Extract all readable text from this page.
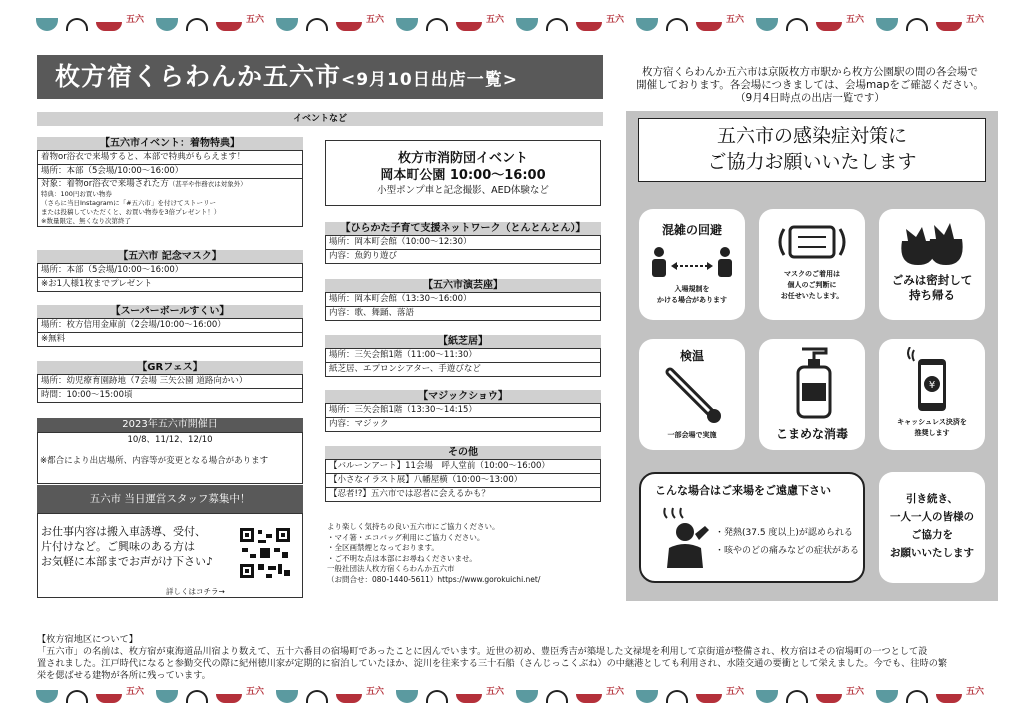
五六	五六	五六	五六	五六	五六	五六	五六
五六	五六	五六	五六	五六	五六	五六	五六
枚方宿くらわんか五六市<9月10日出店一覧>	枚方宿くらわんか五六市は京阪枚方市駅から枚方公園駅の間の各会場で
開催しております。各会場につきましては、会場mapをご確認ください。
（9月4日時点の出店一覧です）
イベントなど
【五六市イベント：着物特典】
着物or浴衣で来場すると、本部で特典がもらえます！
場所：本部（5会場/10:00～16:00）
対象：着物or浴衣で来場された方（甚平や作務衣は対象外）
特典：100円お買い物券
（さらに当日Instagramに「#五六市」を付けてストーリー
または投稿していただくと、お買い物券を3倍プレゼント！）
※数量限定、無くなり次第終了
【五六市 記念マスク】
場所：本部（5会場/10:00～16:00）
※お1人様1枚までプレゼント
【スーパーボールすくい】
場所：枚方信用金庫前（2会場/10:00～16:00）
※無料
【GRフェス】
場所：幼児療育園跡地（7会場 三矢公園 道路向かい）
時間：10:00～15:00頃
2023年五六市開催日
10/8、11/12、12/10
※都合により出店場所、内容等が変更となる場合があります
五六市 当日運営スタッフ募集中！
お仕事内容は搬入車誘導、受付、
片付けなど。ご興味のある方は
お気軽に本部までお声がけ下さい♪
詳しくはコチラ→
枚方市消防団イベント
岡本町公園 10:00～16:00
小型ポンプ車と記念撮影、AED体験など
【ひらかた子育て支援ネットワーク（とんとんとん）】
場所：岡本町会館（10:00～12:30）
内容：魚釣り遊び
【五六市演芸座】
場所：岡本町会館（13:30～16:00）
内容：歌、舞踊、落語
【紙芝居】
場所：三矢会館1階（11:00～11:30）
紙芝居、エプロンシアター、手遊びなど
【マジックショウ】
場所：三矢会館1階（13:30～14:15）
内容：マジック
その他
【バルーンアート】11会場　呼人堂前（10:00～16:00）
【小さなイラスト展】八幡屋横（10:00～13:00）
【忍者!?】五六市では忍者に会えるかも？
より楽しく気持ちの良い五六市にご協力ください。
・マイ箸・エコバッグ利用にご協力ください。
・全区画禁煙となっております。
・ご不明な点は本部にお尋ねくださいませ。
一般社団法人枚方宿くらわんか五六市
（お問合せ：080-1440-5611）https://www.gorokuichi.net/
五六市の感染症対策に
ご協力お願いいたします
混雑の回避
入場規制を
かける場合があります
マスクのご着用は
個人のご判断に
お任せいたします。
ごみは密封して
持ち帰る
検温
一部会場で実施	こまめな消毒
¥
キャッシュレス決済を
推奨します
こんな場合はご来場をご遠慮下さい
・発熱(37.5 度以上)が認められる
・咳やのどの痛みなどの症状がある
引き続き、
一人一人の皆様の
ご協力を
お願いいたします
【枚方宿地区について】
「五六市」の名前は、枚方宿が東海道品川宿より数えて、五十六番目の宿場町であったことに因んでいます。近世の初め、豊臣秀吉が築堤した文禄堤を利用して京街道が整備され、枚方宿はその宿場町の一つとして設
置されました。江戸時代になると参勤交代の際に紀州徳川家が定期的に宿泊していたほか、淀川を往来する三十石船（さんじっこくぶね）の中継港としても利用され、水陸交通の要衝として栄えました。今でも、往時の繁
栄を偲ばせる建物が各所に残っています。
